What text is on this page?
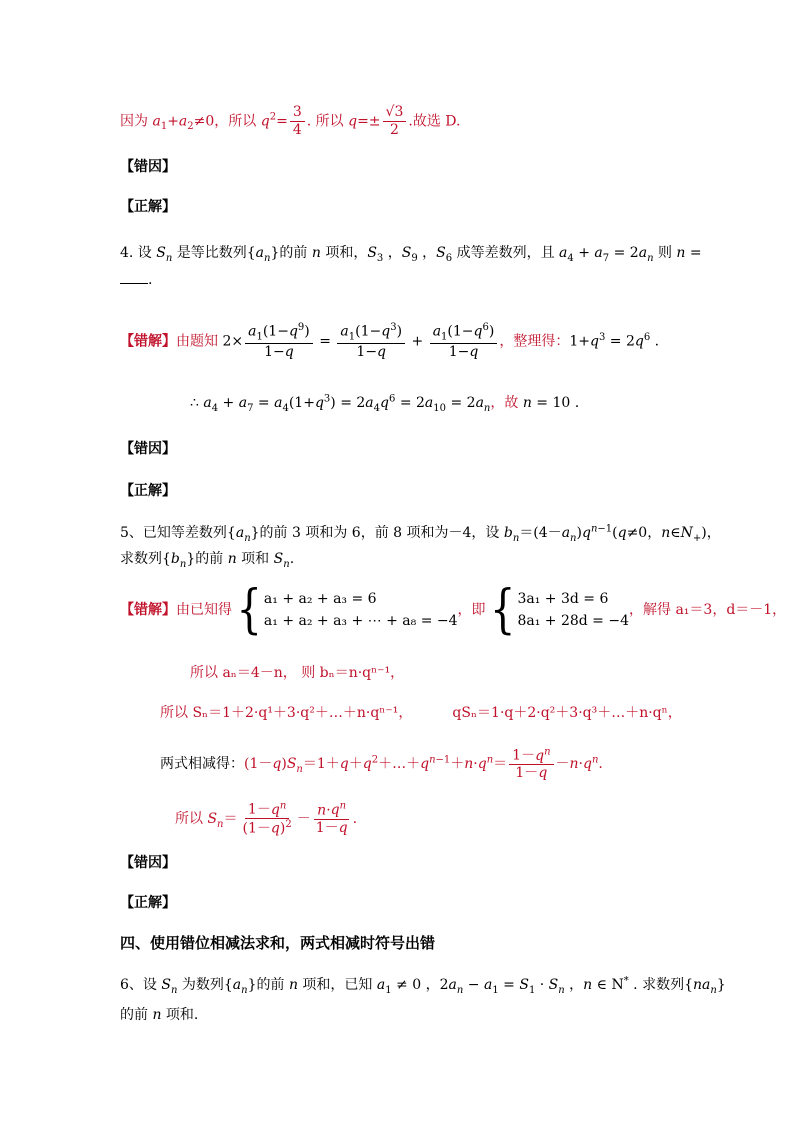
因为 $a_1+a_2\ne 0$，所以 $q^2= \frac{3}{4}$ . 所以 $q=\pm \frac{√3}{2}$ .故选 D.
【错因】
【正解】
4. 设 $S_n$ 是等比数列$\{a_n\}$的前 n 项和，$S_3$ ，$S_9$ ，$S_6$ 成等差数列，且 $a_4 + a_7 = 2a_n$ 则 n =
.
【错解】由题知 $2\times \frac{a_1(1-q^9)}{1-q} = \frac{a_1(1-q^3)}{1-q} + \frac{a_1(1-q^6)}{1-q}$ ，整理得：$1+q^3 = 2q^6$ .
∴ $a_4 + a_7 = a_4(1+q^3) = 2a_4q^6 = 2a_{10} = 2a_n$，故 n = 10 .
【错因】
【正解】
5、已知等差数列$\{a_n\}$的前 3 项和为 6，前 8 项和为－4，设 $b_n=(4-a_n)q^{n-1}(q\ne 0$，$n\in N_+$)，
求数列$\{b_n\}$的前 n 项和 $S_n$.
【错解】由已知得 { a₁ + a₂ + a₃ = 6
a₁ + a₂ + a₃ + ⋯ + a₈ = −4
，即 { 3a₁ + 3d = 6
8a₁ + 28d = −4
，解得 a₁＝3，d＝－1，
所以 aₙ＝4－n， 则 bₙ＝n·qⁿ⁻¹，
所以 Sₙ＝1＋2·q¹＋3·q²＋…＋n·qⁿ⁻¹，	qSₙ＝1·q＋2·q²＋3·q³＋…＋n·qⁿ，
两式相减得：$(1-q)S_n=1+q+q^2+\dots+q^{n-1}+n\cdot q^n= \frac{1-q^n}{1-q} -n\cdot q^n$.
所以 $S_n= \frac{1-q^n}{(1-q)^2} - \frac{n\cdot q^n}{1-q}$ .
【错因】
【正解】
四、使用错位相减法求和，两式相减时符号出错
6、设 $S_n$ 为数列$\{a_n\}$的前 n 项和，已知 $a_1 \ne 0$ ，$2a_n - a_1 = S_1 \cdot S_n$ ，n ∈ N* . 求数列$\{na_n\}$
的前 n 项和.
